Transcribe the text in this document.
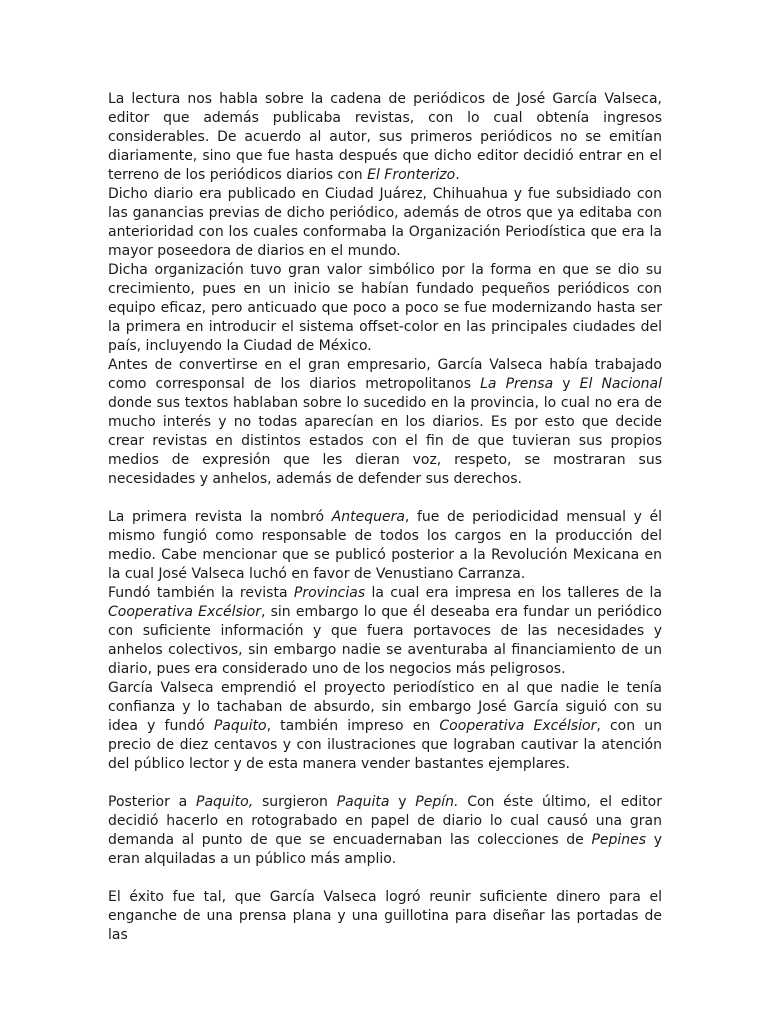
La lectura nos habla sobre la cadena de periódicos de José García Valseca, editor que además publicaba revistas, con lo cual obtenía ingresos considerables. De acuerdo al autor, sus primeros periódicos no se emitían diariamente, sino que fue hasta después que dicho editor decidió entrar en el terreno de los periódicos diarios con El Fronterizo.

Dicho diario era publicado en Ciudad Juárez, Chihuahua y fue subsidiado con las ganancias previas de dicho periódico, además de otros que ya editaba con anterioridad con los cuales conformaba la Organización Periodística que era la mayor poseedora de diarios en el mundo.

Dicha organización tuvo gran valor simbólico por la forma en que se dio su crecimiento, pues en un inicio se habían fundado pequeños periódicos con equipo eficaz, pero anticuado que poco a poco se fue modernizando hasta ser la primera en introducir el sistema offset-color en las principales ciudades del país, incluyendo la Ciudad de México.

Antes de convertirse en el gran empresario, García Valseca había trabajado como corresponsal de los diarios metropolitanos La Prensa y El Nacional donde sus textos hablaban sobre lo sucedido en la provincia, lo cual no era de mucho interés y no todas aparecían en los diarios. Es por esto que decide crear revistas en distintos estados con el fin de que tuvieran sus propios medios de expresión que les dieran voz, respeto, se mostraran sus necesidades y anhelos, además de defender sus derechos.

La primera revista la nombró Antequera, fue de periodicidad mensual y él mismo fungió como responsable de todos los cargos en la producción del medio. Cabe mencionar que se publicó posterior a la Revolución Mexicana en la cual José Valseca luchó en favor de Venustiano Carranza.

Fundó también la revista Provincias la cual era impresa en los talleres de la Cooperativa Excélsior, sin embargo lo que él deseaba era fundar un periódico con suficiente información y que fuera portavoces de las necesidades y anhelos colectivos, sin embargo nadie se aventuraba al financiamiento de un diario, pues era considerado uno de los negocios más peligrosos.

García Valseca emprendió el proyecto periodístico en al que nadie le tenía confianza y lo tachaban de absurdo, sin embargo José García siguió con su idea y fundó Paquito, también impreso en Cooperativa Excélsior, con un precio de diez centavos y con ilustraciones que lograban cautivar la atención del público lector y de esta manera vender bastantes ejemplares.

Posterior a Paquito, surgieron Paquita y Pepín. Con éste último, el editor decidió hacerlo en rotograbado en papel de diario lo cual causó una gran demanda al punto de que se encuadernaban las colecciones de Pepines y eran alquiladas a un público más amplio.

El éxito fue tal, que García Valseca logró reunir suficiente dinero para el enganche de una prensa plana y una guillotina para diseñar las portadas de las
